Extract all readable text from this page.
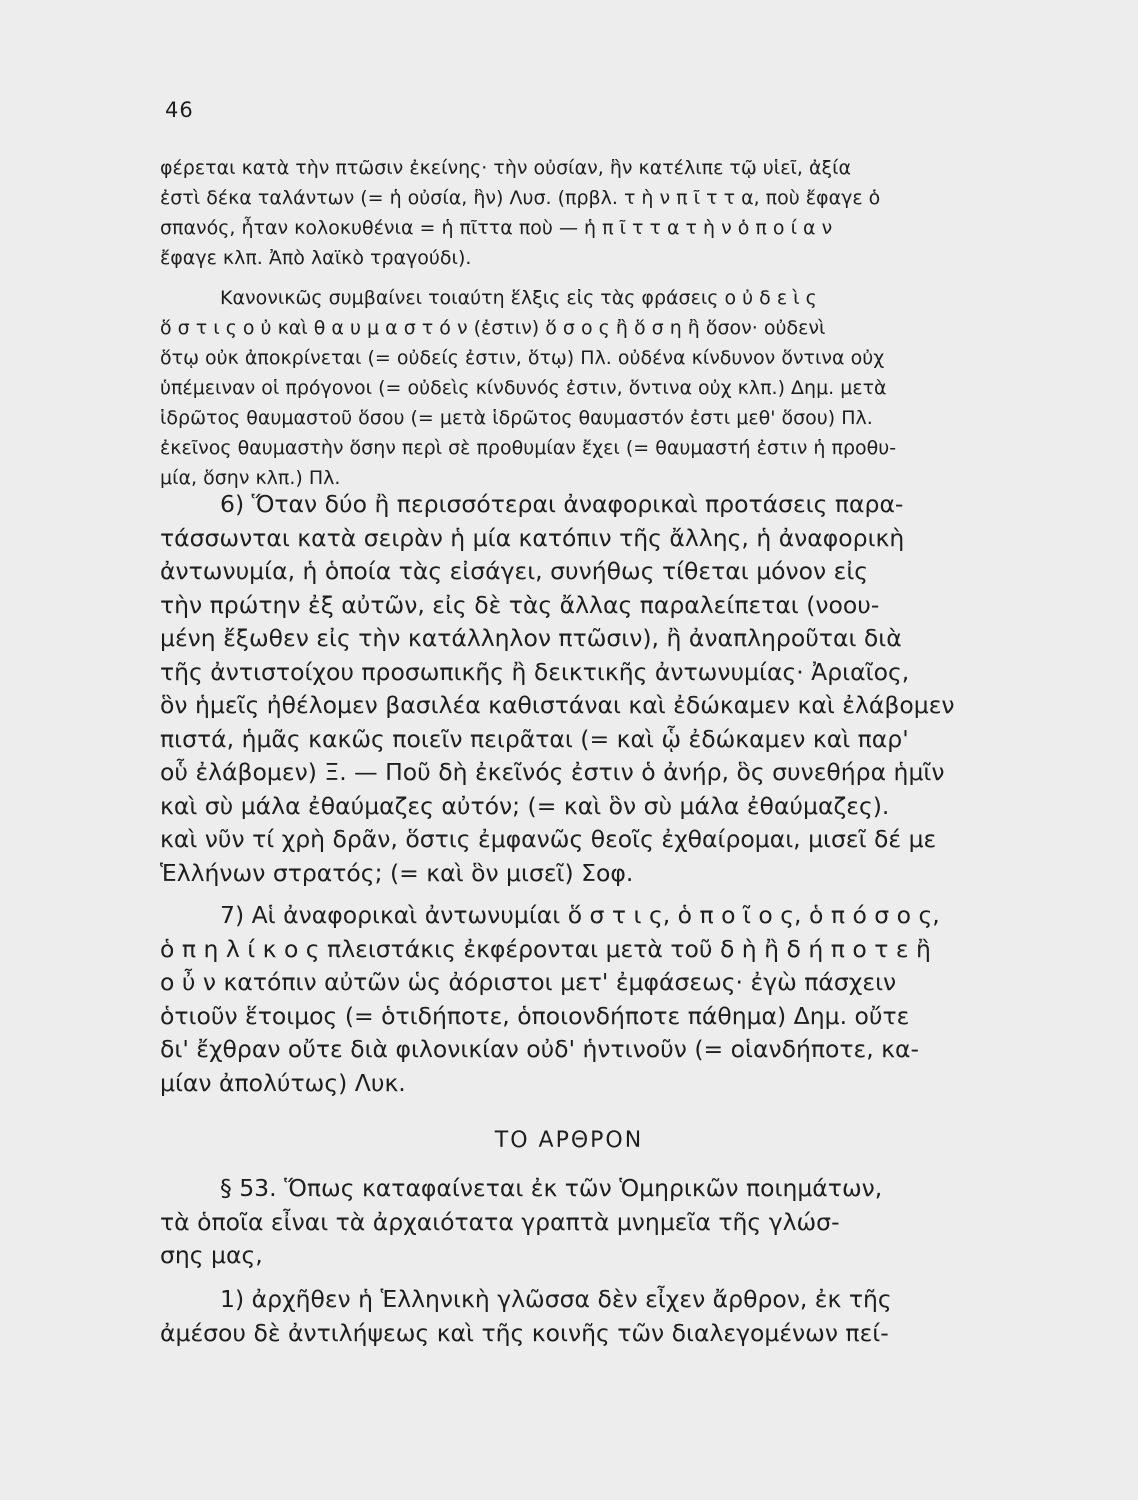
46

φέρεται κατὰ τὴν πτῶσιν ἐκείνης· τὴν οὐσίαν, ἣν κατέλιπε τῷ υἱεῖ, ἀξία
ἐστὶ δέκα ταλάντων (= ἡ οὐσία, ἣν) Λυσ. (πρβλ. τ ὴ ν π ῖ τ τ α, ποὺ ἔφαγε ὁ
σπανός, ἦταν κολοκυθένια = ἡ πῖττα ποὺ — ἡ π ῖ τ τ α τ ὴ ν ὁ π ο ί α ν
ἔφαγε κλπ. Ἀπὸ λαϊκὸ τραγούδι).

Κανονικῶς συμβαίνει τοιαύτη ἕλξις εἰς τὰς φράσεις ο ὐ δ ε ὶ ς
ὅ σ τ ι ς ο ὐ καὶ θ α υ μ α σ τ ό ν (ἐστιν) ὅ σ ο ς ἢ ὅ σ η ἢ ὅσον· οὐδενὶ
ὅτῳ οὐκ ἀποκρίνεται (= οὐδείς ἐστιν, ὅτῳ) Πλ. οὐδένα κίνδυνον ὅντινα οὐχ
ὑπέμειναν οἱ πρόγονοι (= οὐδεὶς κίνδυνός ἐστιν, ὅντινα οὐχ κλπ.) Δημ. μετὰ
ἱδρῶτος θαυμαστοῦ ὅσου (= μετὰ ἱδρῶτος θαυμαστόν ἐστι μεθ' ὅσου) Πλ.
ἐκεῖνος θαυμαστὴν ὅσην περὶ σὲ προθυμίαν ἔχει (= θαυμαστή ἐστιν ἡ προθυ-
μία, ὅσην κλπ.) Πλ.

6) Ὅταν δύο ἢ περισσότεραι ἀναφορικαὶ προτάσεις παρα-
τάσσωνται κατὰ σειρὰν ἡ μία κατόπιν τῆς ἄλλης, ἡ ἀναφορικὴ
ἀντωνυμία, ἡ ὁποία τὰς εἰσάγει, συνήθως τίθεται μόνον εἰς
τὴν πρώτην ἐξ αὐτῶν, εἰς δὲ τὰς ἄλλας παραλείπεται (νοου-
μένη ἔξωθεν εἰς τὴν κατάλληλον πτῶσιν), ἢ ἀναπληροῦται διὰ
τῆς ἀντιστοίχου προσωπικῆς ἢ δεικτικῆς ἀντωνυμίας· Ἀριαῖος,
ὃν ἡμεῖς ἠθέλομεν βασιλέα καθιστάναι καὶ ἐδώκαμεν καὶ ἐλάβομεν
πιστά, ἡμᾶς κακῶς ποιεῖν πειρᾶται (= καὶ ᾧ ἐδώκαμεν καὶ παρ'
οὗ ἐλάβομεν) Ξ. — Ποῦ δὴ ἐκεῖνός ἐστιν ὁ ἀνήρ, ὃς συνεθήρα ἡμῖν
καὶ σὺ μάλα ἐθαύμαζες αὐτόν; (= καὶ ὃν σὺ μάλα ἐθαύμαζες).
καὶ νῦν τί χρὴ δρᾶν, ὅστις ἐμφανῶς θεοῖς ἐχθαίρομαι, μισεῖ δέ με
Ἑλλήνων στρατός; (= καὶ ὃν μισεῖ) Σοφ.

7) Αἱ ἀναφορικαὶ ἀντωνυμίαι ὅ σ τ ι ς, ὁ π ο ῖ ο ς, ὁ π ό σ ο ς,
ὁ π η λ ί κ ο ς πλειστάκις ἐκφέρονται μετὰ τοῦ δ ὴ ἢ δ ή π ο τ ε ἢ
ο ὖ ν κατόπιν αὐτῶν ὡς ἀόριστοι μετ' ἐμφάσεως· ἐγὼ πάσχειν
ὁτιοῦν ἕτοιμος (= ὁτιδήποτε, ὁποιονδήποτε πάθημα) Δημ. οὔτε
δι' ἔχθραν οὔτε διὰ φιλονικίαν οὐδ' ἡντινοῦν (= οἱανδήποτε, κα-
μίαν ἀπολύτως) Λυκ.

ΤΟ ΑΡΘΡΟΝ

§ 53. Ὅπως καταφαίνεται ἐκ τῶν Ὁμηρικῶν ποιημάτων,
τὰ ὁποῖα εἶναι τὰ ἀρχαιότατα γραπτὰ μνημεῖα τῆς γλώσ-
σης μας,

1) ἀρχῆθεν ἡ Ἑλληνικὴ γλῶσσα δὲν εἶχεν ἄρθρον, ἐκ τῆς
ἀμέσου δὲ ἀντιλήψεως καὶ τῆς κοινῆς τῶν διαλεγομένων πεί-
